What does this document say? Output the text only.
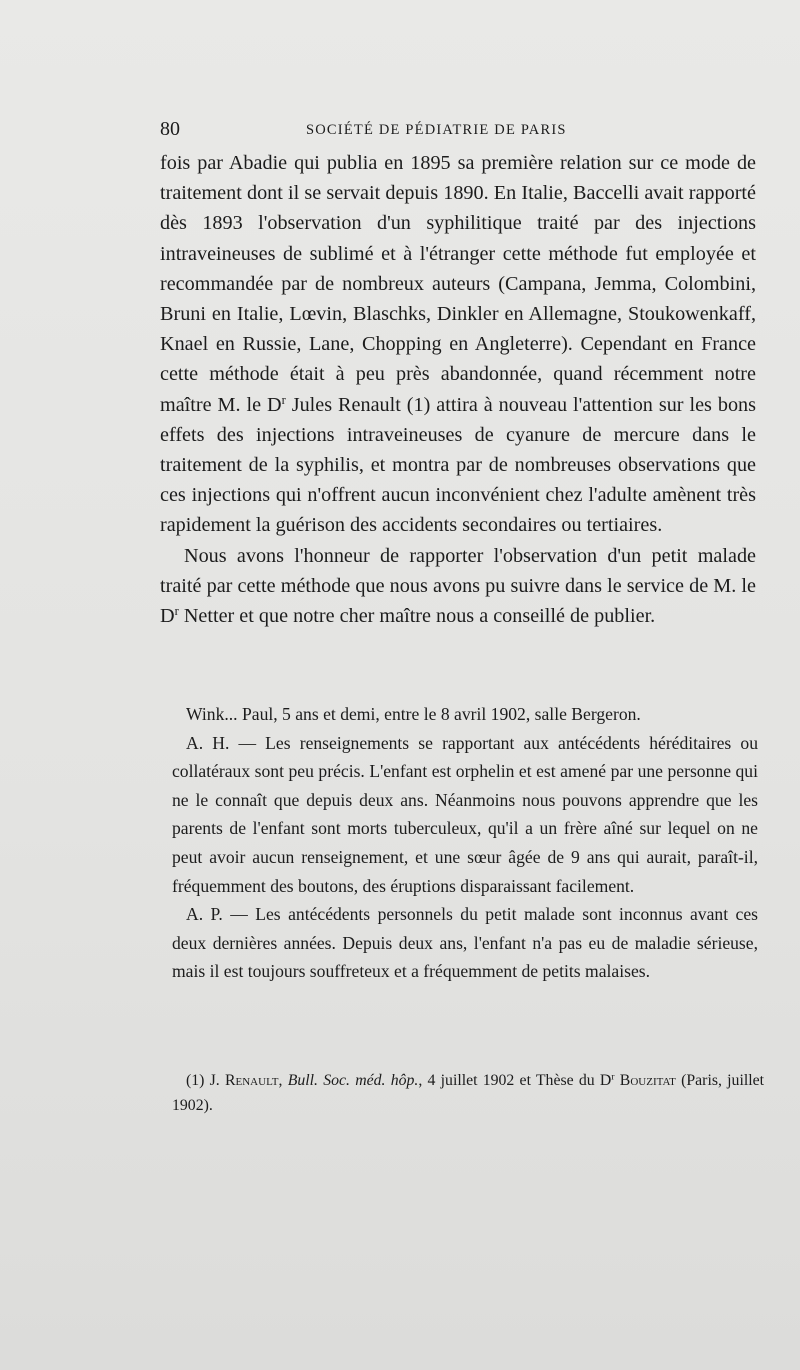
80	SOCIÉTÉ DE PÉDIATRIE DE PARIS

fois par Abadie qui publia en 1895 sa première relation sur ce mode de traitement dont il se servait depuis 1890. En Italie, Baccelli avait rapporté dès 1893 l'observation d'un syphilitique traité par des injections intraveineuses de sublimé et à l'étranger cette méthode fut employée et recommandée par de nombreux auteurs (Campana, Jemma, Colombini, Bruni en Italie, Lœvin, Blaschks, Dinkler en Allemagne, Stoukowenkaff, Knael en Russie, Lane, Chopping en Angleterre). Cependant en France cette méthode était à peu près abandonnée, quand récemment notre maître M. le $D^r$ Jules Renault (1) attira à nouveau l'attention sur les bons effets des injections intraveineuses de cyanure de mercure dans le traitement de la syphilis, et montra par de nombreuses observations que ces injections qui n'offrent aucun inconvénient chez l'adulte amènent très rapidement la guérison des accidents secondaires ou tertiaires.

Nous avons l'honneur de rapporter l'observation d'un petit malade traité par cette méthode que nous avons pu suivre dans le service de M. le $D^r$ Netter et que notre cher maître nous a conseillé de publier.

Wink... Paul, 5 ans et demi, entre le 8 avril 1902, salle Bergeron.

A. H. — Les renseignements se rapportant aux antécédents héréditaires ou collatéraux sont peu précis. L'enfant est orphelin et est amené par une personne qui ne le connaît que depuis deux ans. Néanmoins nous pouvons apprendre que les parents de l'enfant sont morts tuberculeux, qu'il a un frère aîné sur lequel on ne peut avoir aucun renseignement, et une sœur âgée de 9 ans qui aurait, paraît-il, fréquemment des boutons, des éruptions disparaissant facilement.

A. P. — Les antécédents personnels du petit malade sont inconnus avant ces deux dernières années. Depuis deux ans, l'enfant n'a pas eu de maladie sérieuse, mais il est toujours souffreteux et a fréquemment de petits malaises.

(1) J. Renault, Bull. Soc. méd. hôp., 4 juillet 1902 et Thèse du $D^r$ Bouzitat (Paris, juillet 1902).
